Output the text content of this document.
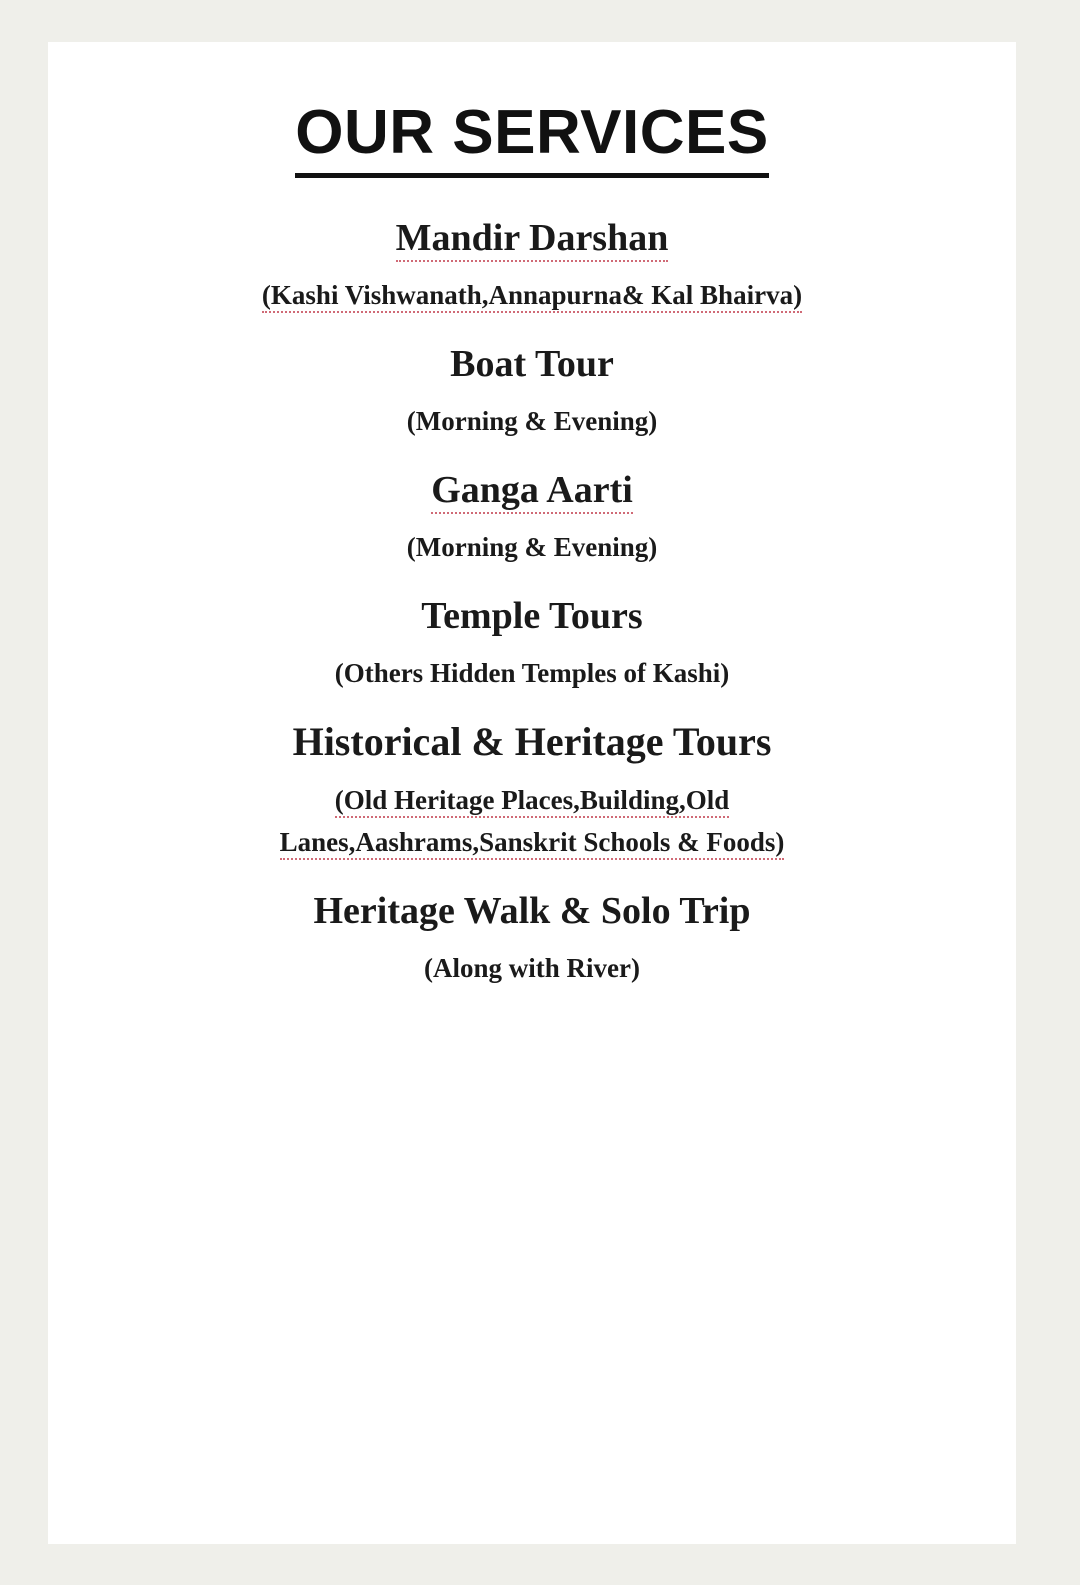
OUR SERVICES
Mandir Darshan
(Kashi Vishwanath,Annapurna& Kal Bhairva)
Boat Tour
(Morning & Evening)
Ganga Aarti
(Morning & Evening)
Temple Tours
(Others Hidden Temples of Kashi)
Historical & Heritage Tours
(Old Heritage Places,Building,Old Lanes,Aashrams,Sanskrit Schools & Foods)
Heritage Walk & Solo Trip
(Along with River)
